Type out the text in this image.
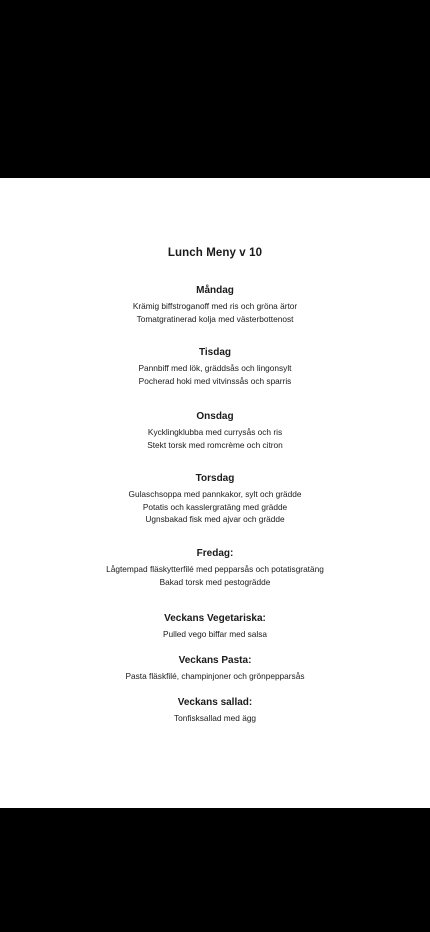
Lunch Meny v 10
Måndag
Krämig biffstroganoff med ris och gröna ärtor
Tomatgratinerad kolja med västerbottenost
Tisdag
Pannbiff med lök, gräddsås och lingonsylt
Pocherad hoki med vitvinssås och sparris
Onsdag
Kycklingklubba med currysås och ris
Stekt torsk med romcrème och citron
Torsdag
Gulaschsoppa med pannkakor, sylt och grädde
Potatis och kasslergratäng med grädde
Ugnsbakad fisk med ajvar och grädde
Fredag:
Lågtempad fläskytterfilé med pepparsås och potatisgratäng
Bakad torsk med pestogrädde
Veckans Vegetariska:
Pulled vego biffar med salsa
Veckans Pasta:
Pasta fläskfilé, champinjoner och grönpepparsås
Veckans sallad:
Tonfisksallad med ägg
